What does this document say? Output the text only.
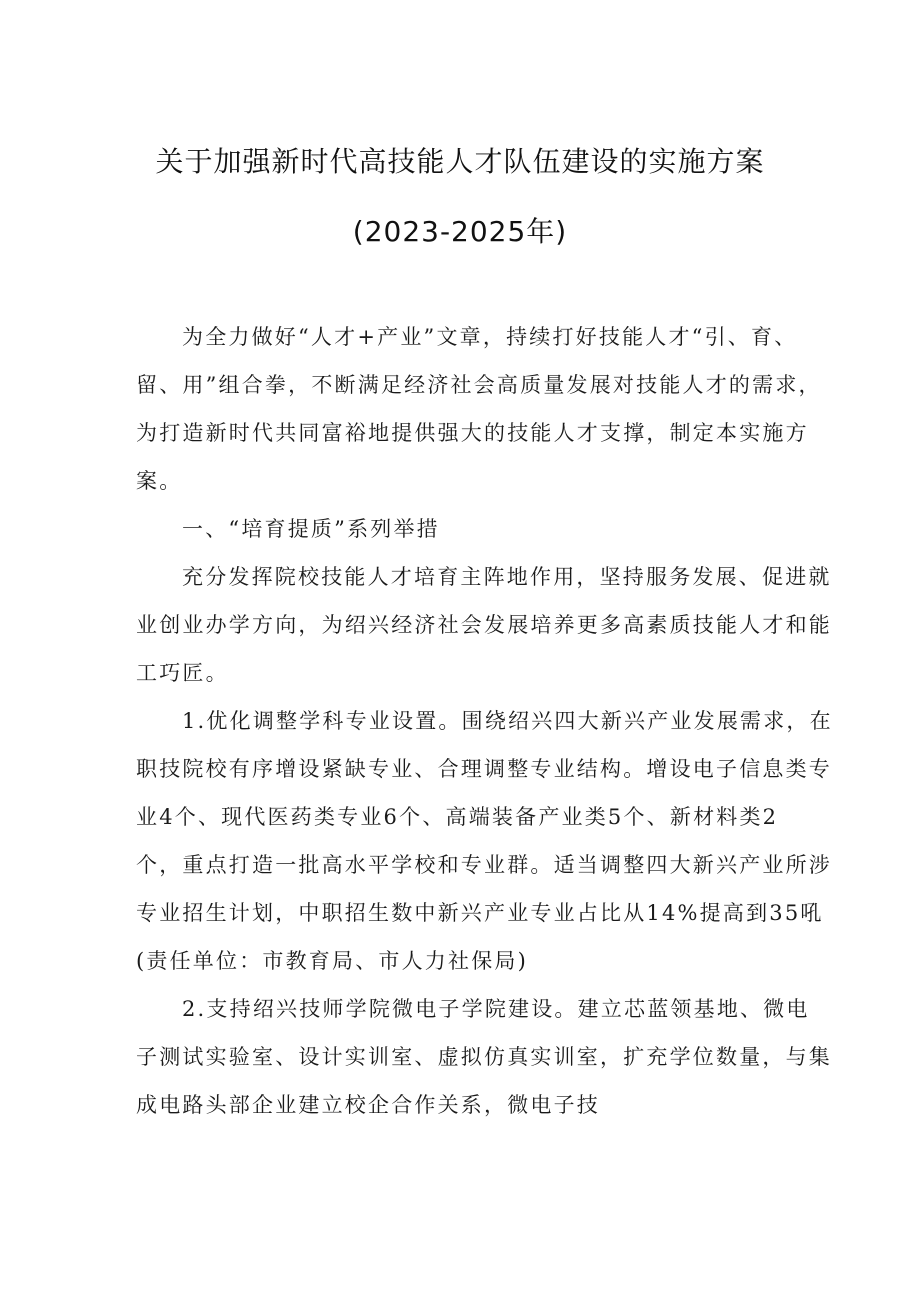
关于加强新时代高技能人才队伍建设的实施方案
(2023-2025年)
为全力做好“人才+产业”文章，持续打好技能人才“引、育、
留、用”组合拳，不断满足经济社会高质量发展对技能人才的需求，
为打造新时代共同富裕地提供强大的技能人才支撑，制定本实施方
案。
一、“培育提质”系列举措
充分发挥院校技能人才培育主阵地作用，坚持服务发展、促进就
业创业办学方向，为绍兴经济社会发展培养更多高素质技能人才和能
工巧匠。
1.优化调整学科专业设置。围绕绍兴四大新兴产业发展需求，在
职技院校有序增设紧缺专业、合理调整专业结构。增设电子信息类专
业4个、现代医药类专业6个、高端装备产业类5个、新材料类2
个，重点打造一批高水平学校和专业群。适当调整四大新兴产业所涉
专业招生计划，中职招生数中新兴产业专业占比从14%提高到35吼
(责任单位：市教育局、市人力社保局)
2.支持绍兴技师学院微电子学院建设。建立芯蓝领基地、微电
子测试实验室、设计实训室、虚拟仿真实训室，扩充学位数量，与集
成电路头部企业建立校企合作关系，微电子技
